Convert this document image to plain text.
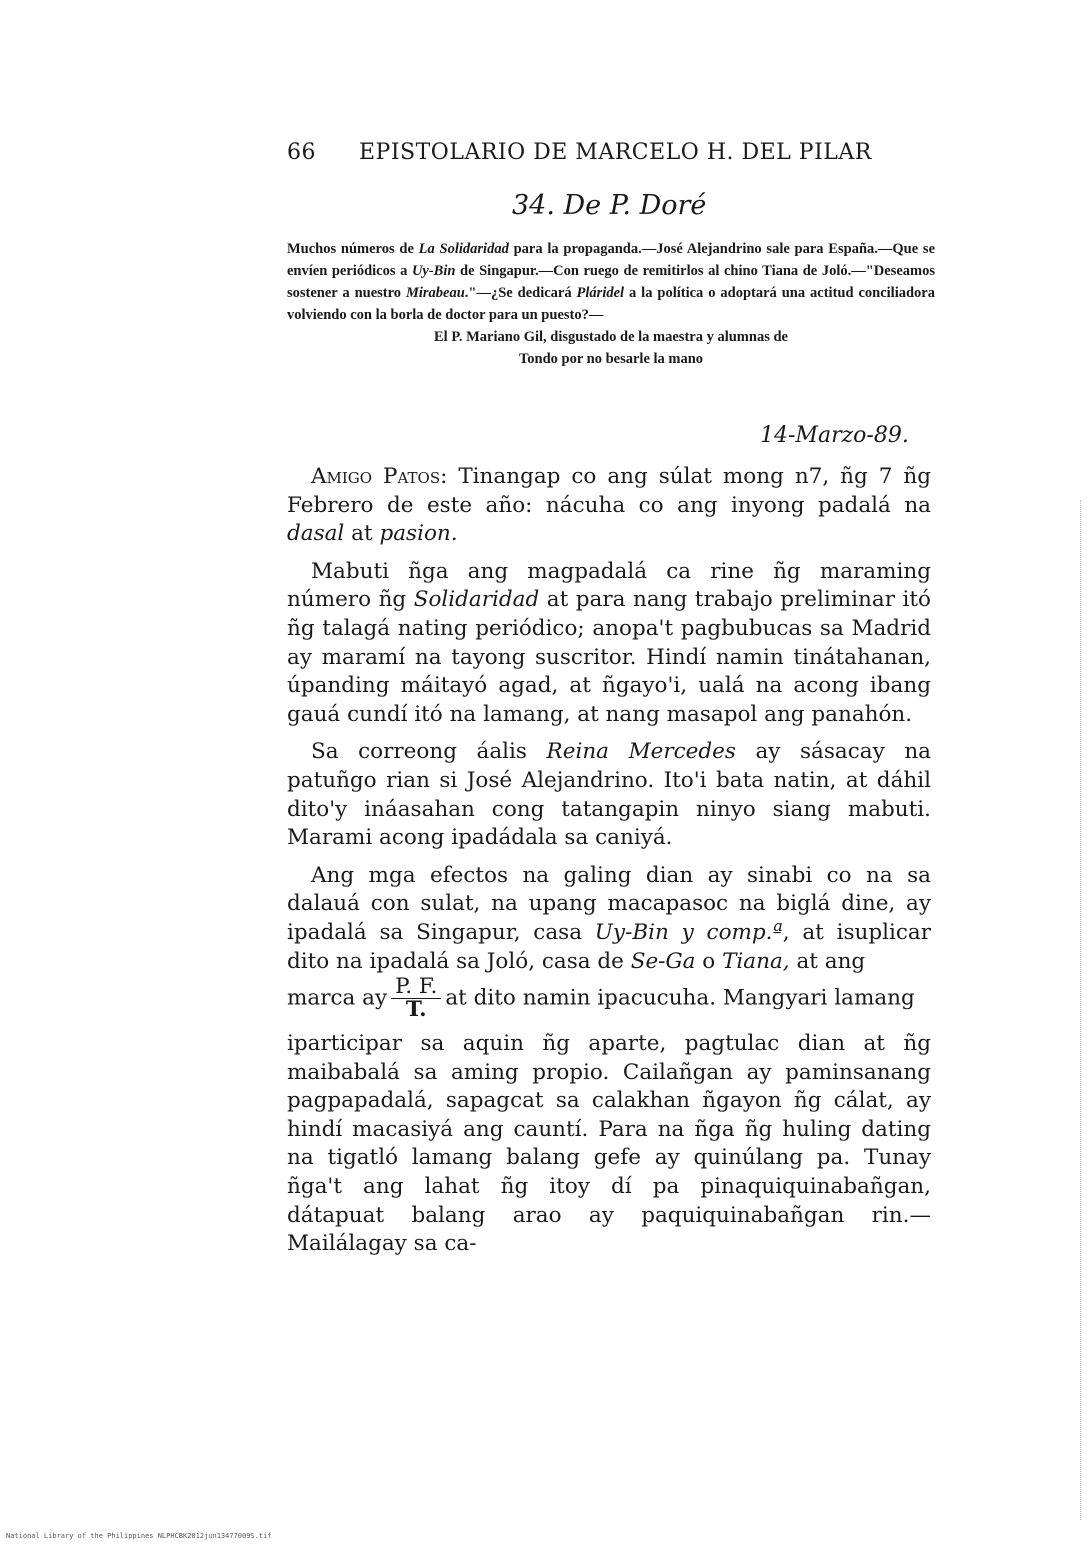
66 EPISTOLARIO DE MARCELO H. DEL PILAR
34. De P. Doré

Muchos números de La Solidaridad para la propaganda.—José Alejandrino sale para España.—Que se envíen periódicos a Uy-Bin de Singapur.—Con ruego de remitirlos al chino Tiana de Joló.—"Deseamos sostener a nuestro Mirabeau."—¿Se dedicará Pláridel a la política o adoptará una actitud conciliadora volviendo con la borla de doctor para un puesto?—

El P. Mariano Gil, disgustado de la maestra y alumnas de

Tondo por no besarle la mano

14-Marzo-89.

Amigo Patos: Tinangap co ang súlat mong n7, ñg 7 ñg Febrero de este año: nácuha co ang inyong padalá na dasal at pasion.

Mabuti ñga ang magpadalá ca rine ñg maraming número ñg Solidaridad at para nang trabajo preliminar itó ñg talagá nating periódico; anopa't pagbubucas sa Madrid ay maramí na tayong suscritor. Hindí namin tinátahanan, úpanding máitayó agad, at ñgayo'i, ualá na acong ibang gauá cundí itó na lamang, at nang masapol ang panahón.

Sa correong áalis Reina Mercedes ay sásacay na patuñgo rian si José Alejandrino. Ito'i bata natin, at dáhil dito'y ináasahan cong tatangapin ninyo siang mabuti. Marami acong ipadádala sa caniyá.

Ang mga efectos na galing dian ay sinabi co na sa dalauá con sulat, na upang macapasoc na biglá dine, ay ipadalá sa Singapur, casa Uy-Bin y comp.ª, at isuplicar dito na ipadalá sa Joló, casa de Se-Ga o Tiana, at ang

marca ay $\frac{P. F.}{T.}$ at dito namin ipacucuha. Mangyari lamang

iparticipar sa aquin ñg aparte, pagtulac dian at ñg maibabalá sa aming propio. Cailañgan ay paminsanang pagpapadalá, sapagcat sa calakhan ñgayon ñg cálat, ay hindí macasiyá ang cauntí. Para na ñga ñg huling dating na tigatló lamang balang gefe ay quinúlang pa. Tunay ñga't ang lahat ñg itoy dí pa pinaquiquinabañgan, dátapuat balang arao ay paquiquinabañgan rin.—Mailálagay sa ca-

National Library of the Philippines NLPHCBK2012jun13477009S.tif
